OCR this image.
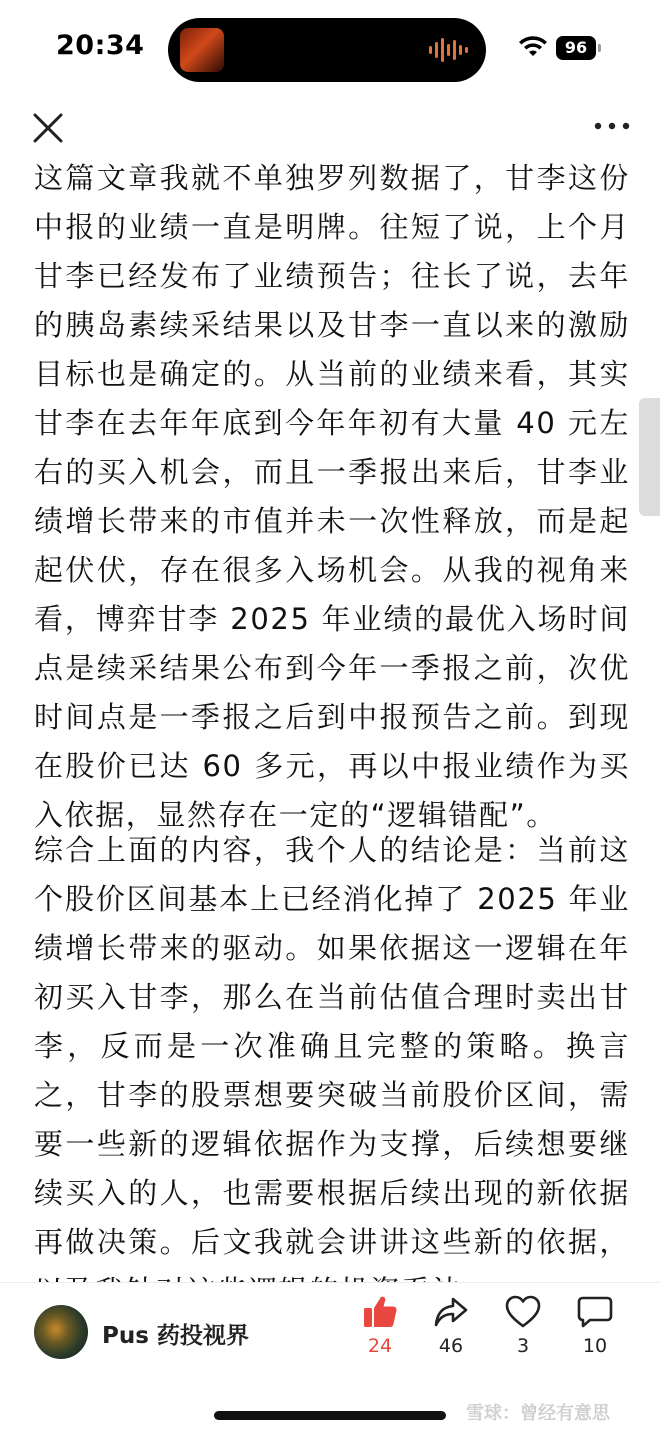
20:34	96

这篇文章我就不单独罗列数据了，甘李这份中报的业绩一直是明牌。往短了说，上个月甘李已经发布了业绩预告；往长了说，去年的胰岛素续采结果以及甘李一直以来的激励目标也是确定的。从当前的业绩来看，其实甘李在去年年底到今年年初有大量 40 元左右的买入机会，而且一季报出来后，甘李业绩增长带来的市值并未一次性释放，而是起起伏伏，存在很多入场机会。从我的视角来看，博弈甘李 2025 年业绩的最优入场时间点是续采结果公布到今年一季报之前，次优时间点是一季报之后到中报预告之前。到现在股价已达 60 多元，再以中报业绩作为买入依据，显然存在一定的“逻辑错配”。

综合上面的内容，我个人的结论是：当前这个股价区间基本上已经消化掉了 2025 年业绩增长带来的驱动。如果依据这一逻辑在年初买入甘李，那么在当前估值合理时卖出甘李，反而是一次准确且完整的策略。换言之，甘李的股票想要突破当前股价区间，需要一些新的逻辑依据作为支撑，后续想要继续买入的人，也需要根据后续出现的新依据再做决策。后文我就会讲讲这些新的依据，

Pus 药投视界	24	46	3	10
雪球：曾经有意思
